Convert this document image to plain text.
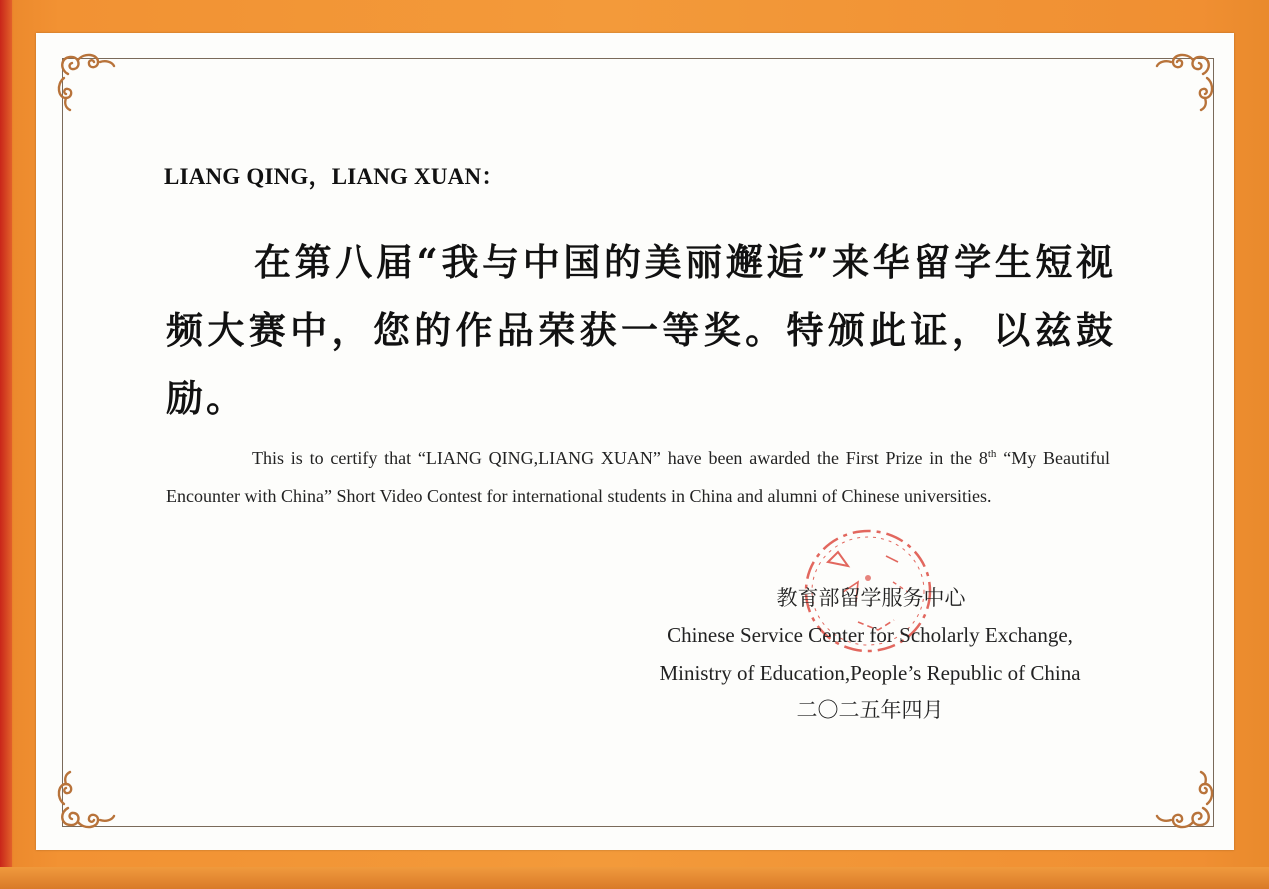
LIANG QING，LIANG XUAN：
在第八届“我与中国的美丽邂逅”来华留学生短视频大赛中，您的作品荣获一等奖。特颁此证，以兹鼓励。
This is to certify that “LIANG QING,LIANG XUAN” have been awarded the First Prize in the 8th “My Beautiful Encounter with China” Short Video Contest for international students in China and alumni of Chinese universities.
教育部留学服务中心
Chinese Service Center for Scholarly Exchange,
Ministry of Education,People’s Republic of China
二〇二五年四月
